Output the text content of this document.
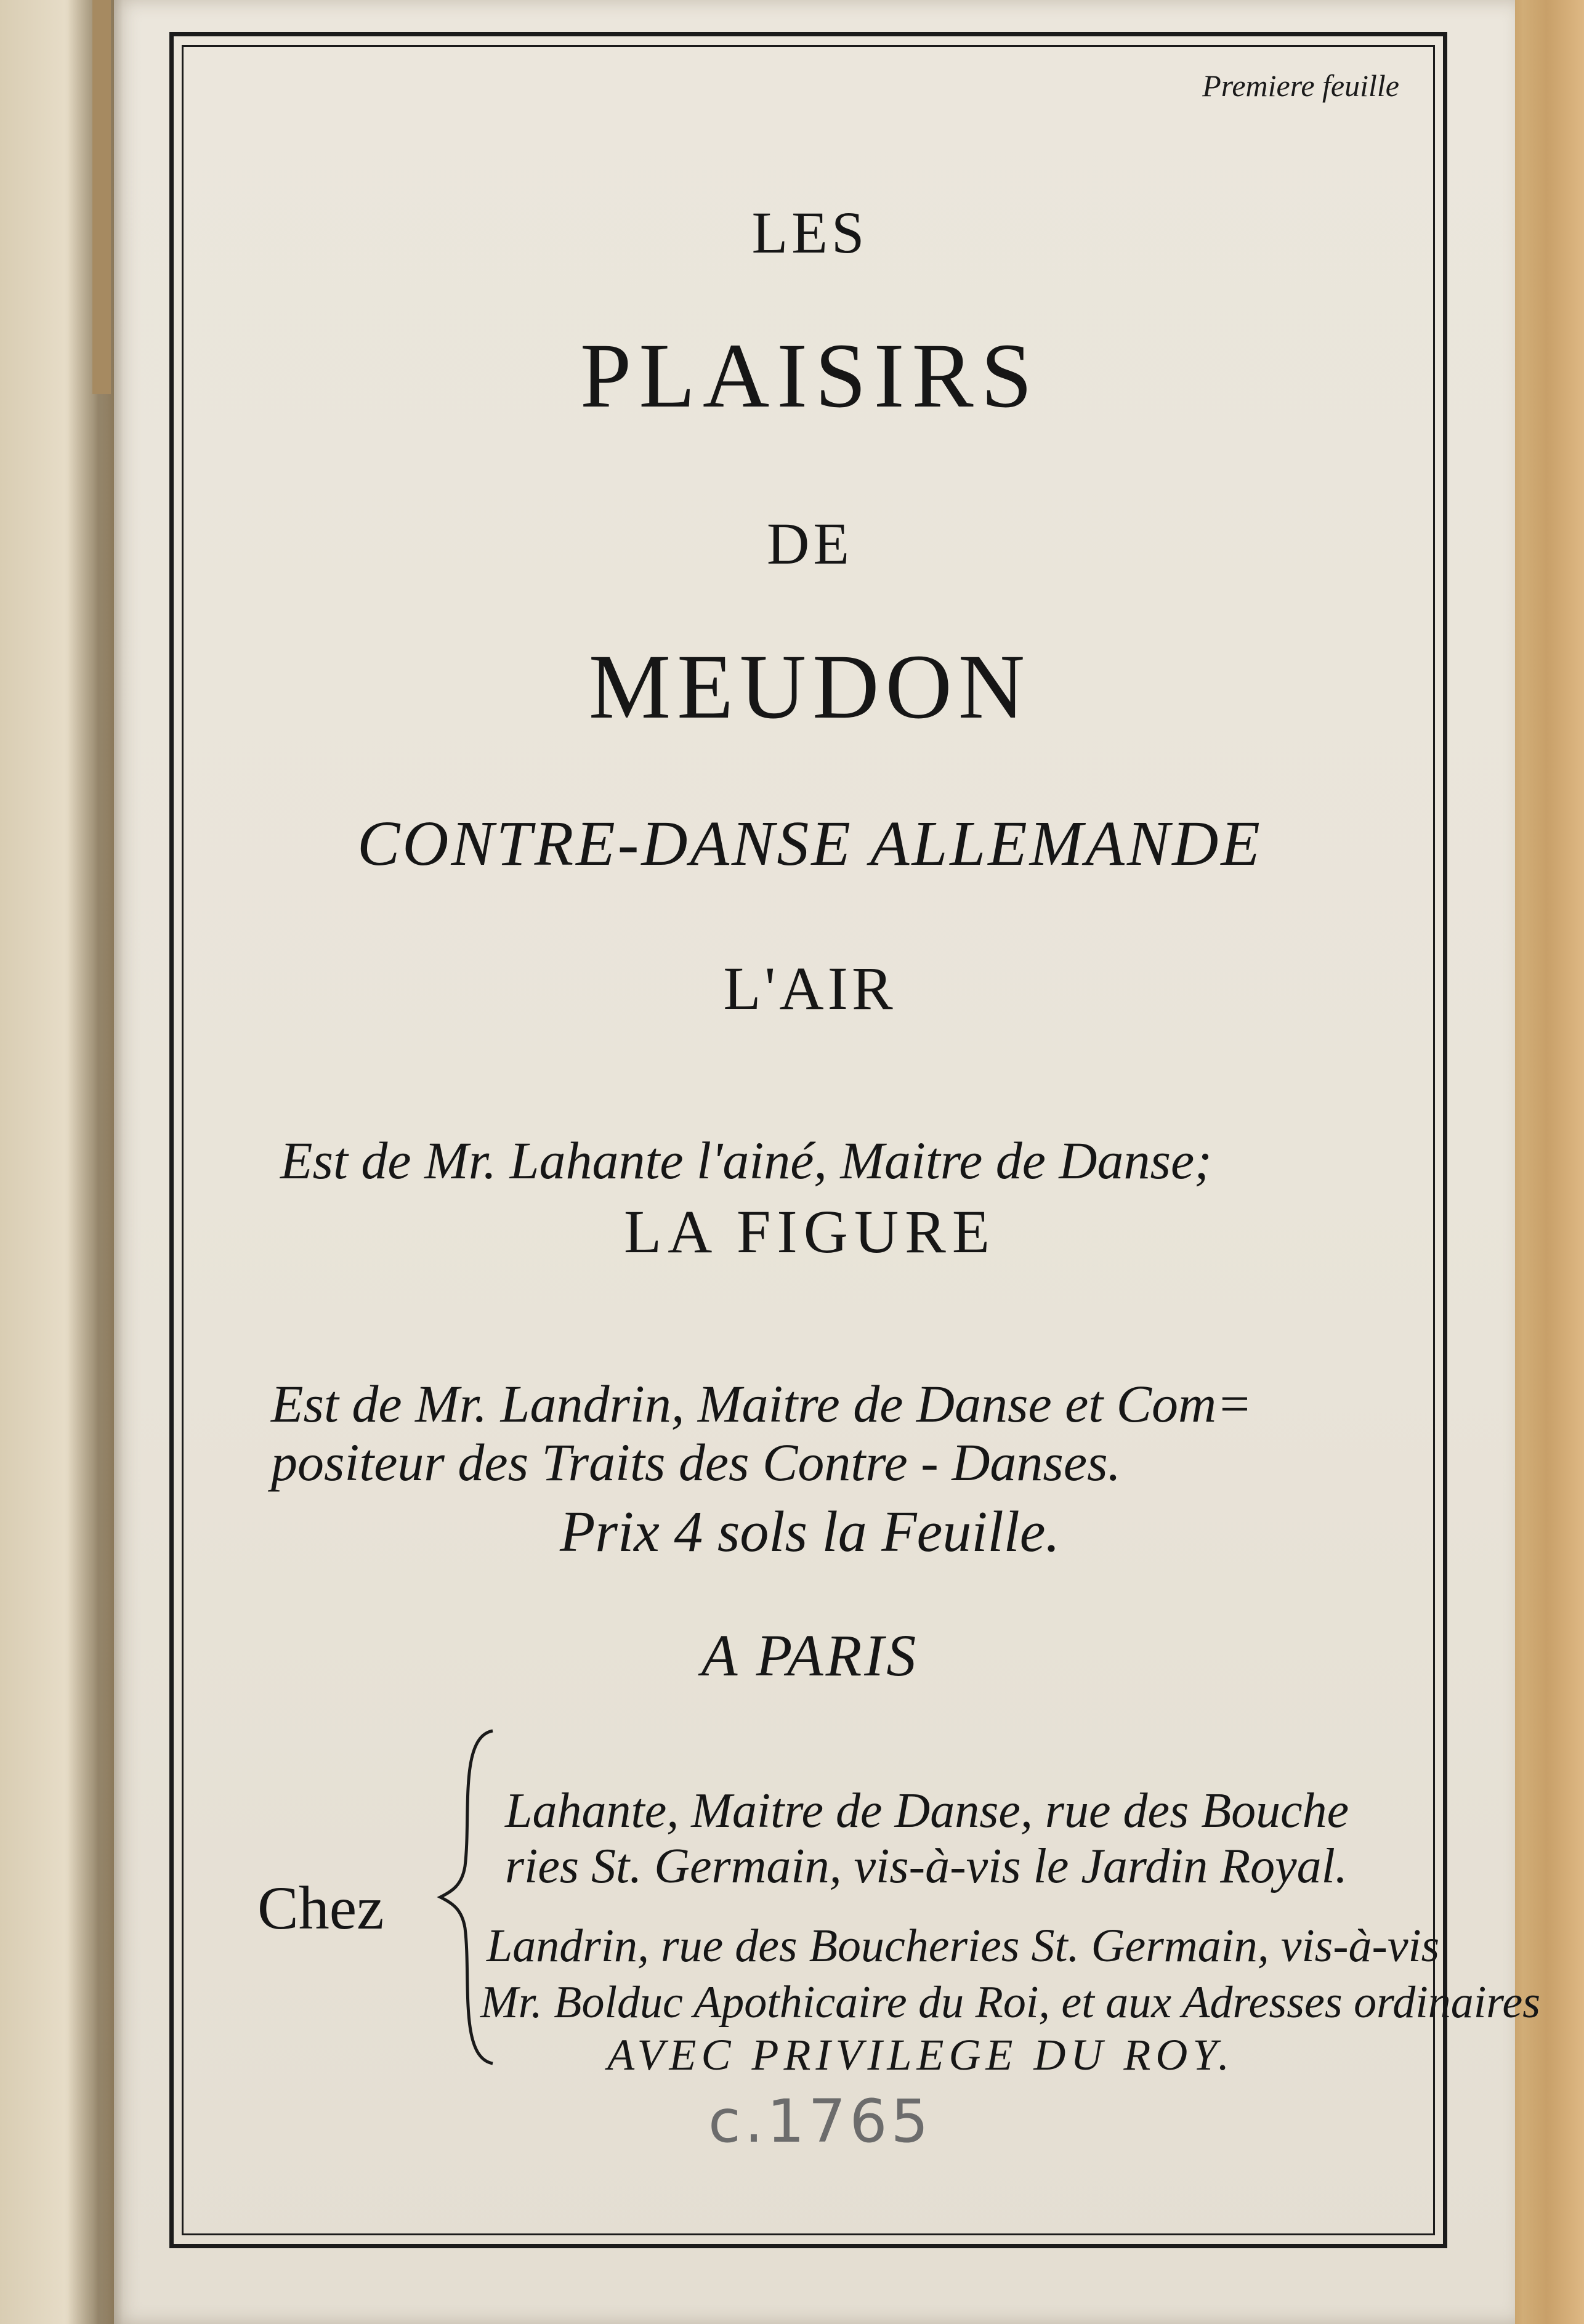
Premiere feuille

LES

PLAISIRS

DE

MEUDON

CONTRE-DANSE ALLEMANDE

L'AIR

Est de Mr. Lahante l'ainé, Maitre de Danse;

LA FIGURE

Est de Mr. Landrin, Maitre de Danse et Com=

positeur des Traits des Contre - Danses.

Prix 4 sols la Feuille.

A PARIS

Chez

Lahante, Maitre de Danse, rue des Bouche

ries St. Germain, vis-à-vis le Jardin Royal.

Landrin, rue des Boucheries St. Germain, vis-à-vis

Mr. Bolduc Apothicaire du Roi, et aux Adresses ordinaires

AVEC PRIVILEGE DU ROY.

c.1765
